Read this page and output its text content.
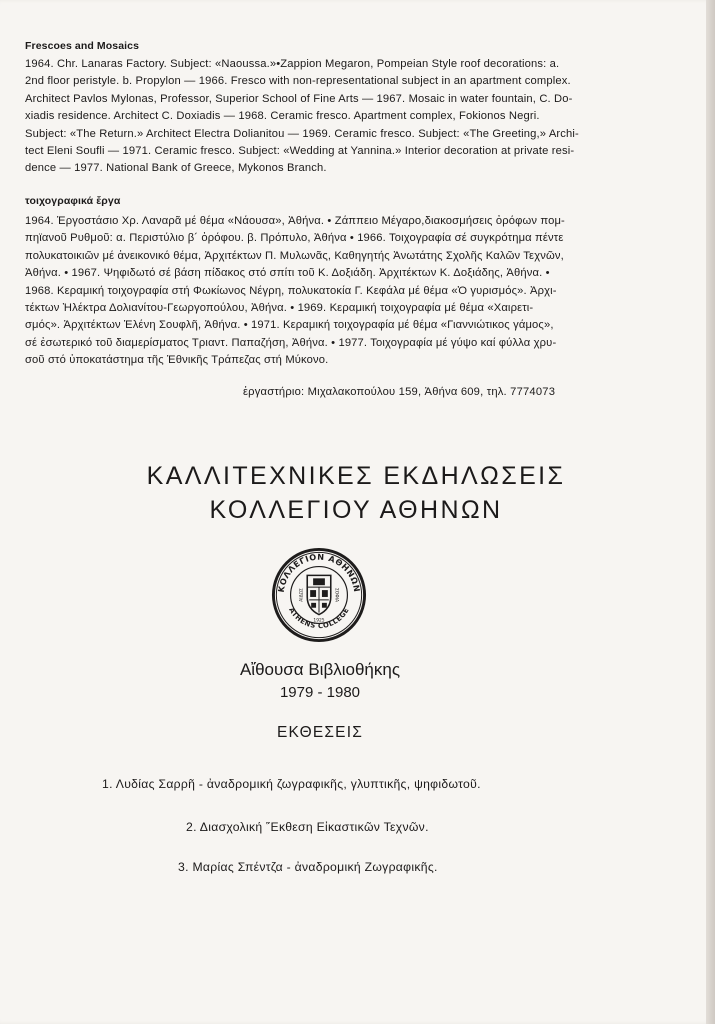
Frescoes and Mosaics
1964. Chr. Lanaras Factory. Subject: «Naoussa.»•Zappion Megaron, Pompeian Style roof decorations: a.
2nd floor peristyle. b. Propylon — 1966. Fresco with non-representational subject in an apartment complex.
Architect Pavlos Mylonas, Professor, Superior School of Fine Arts — 1967. Mosaic in water fountain, C. Do-
xiadis residence. Architect C. Doxiadis — 1968. Ceramic fresco. Apartment complex, Fokionos Negri.
Subject: «The Return.» Architect Electra Dolianitou — 1969. Ceramic fresco. Subject: «The Greeting,» Archi-
tect Eleni Soufli — 1971. Ceramic fresco. Subject: «Wedding at Yannina.» Interior decoration at private resi-
dence — 1977. National Bank of Greece, Mykonos Branch.
τοιχογραφικά ἔργα
1964. Ἐργοστάσιο Χρ. Λαναρᾶ μέ θέμα «Νάουσα», Ἀθήνα. • Ζάππειο Μέγαρο,διακοσμήσεις ὀρόφων πομ-
πηϊανοῦ Ρυθμοῦ: α. Περιστύλιο β´ ὀρόφου. β. Πρόπυλο, Ἀθήνα • 1966. Τοιχογραφία σέ συγκρότημα πέντε
πολυκατοικιῶν μέ ἀνεικονικό θέμα, Ἀρχιτέκτων Π. Μυλωνᾶς, Καθηγητής Ἀνωτάτης Σχολῆς Καλῶν Τεχνῶν,
Ἀθήνα. • 1967. Ψηφιδωτό σέ βάση πίδακος στό σπίτι τοῦ Κ. Δοξιάδη. Ἀρχιτέκτων Κ. Δοξιάδης, Ἀθήνα. •
1968. Κεραμική τοιχογραφία στή Φωκίωνος Νέγρη, πολυκατοκία Γ. Κεφάλα μέ θέμα «Ὁ γυρισμός». Ἀρχι-
τέκτων Ἠλέκτρα Δολιανίτου-Γεωργοπούλου, Ἀθήνα. • 1969. Κεραμική τοιχογραφία μέ θέμα «Χαιρετι-
σμός». Ἀρχιτέκτων Ἑλένη Σουφλῆ, Ἀθήνα. • 1971. Κεραμική τοιχογραφία μέ θέμα «Γιαννιώτικος γάμος»,
σέ ἐσωτερικό τοῦ διαμερίσματος Τριαντ. Παπαζήση, Ἀθήνα. • 1977. Τοιχογραφία μέ γύψο καί φύλλα χρυ-
σοῦ στό ὑποκατάστημα τῆς Ἐθνικῆς Τράπεζας στή Μύκονο.
ἐργαστήριο: Μιχαλακοπούλου 159, Ἀθήνα 609, τηλ. 7774073
ΚΑΛΛΙΤΕΧΝΙΚΕΣ ΕΚΔΗΛΩΣΕΙΣ
ΚΟΛΛΕΓΙΟΥ ΑΘΗΝΩΝ
ΚΟΛΛΕΓΙΟΝ ΑΘΗΝΩΝ
ATHENS COLLEGE
ΑΙΔΩΣ	ΣΟΦΙΑ
1925
Αἴθουσα Βιβλιοθήκης
1979 - 1980
ΕΚΘΕΣΕΙΣ
1. Λυδίας Σαρρῆ - ἀναδρομική ζωγραφικῆς, γλυπτικῆς, ψηφιδωτοῦ.
2. Διασχολική ῞Εκθεση Εἰκαστικῶν Τεχνῶν.
3. Μαρίας Σπέντζα - ἀναδρομική Ζωγραφικῆς.
